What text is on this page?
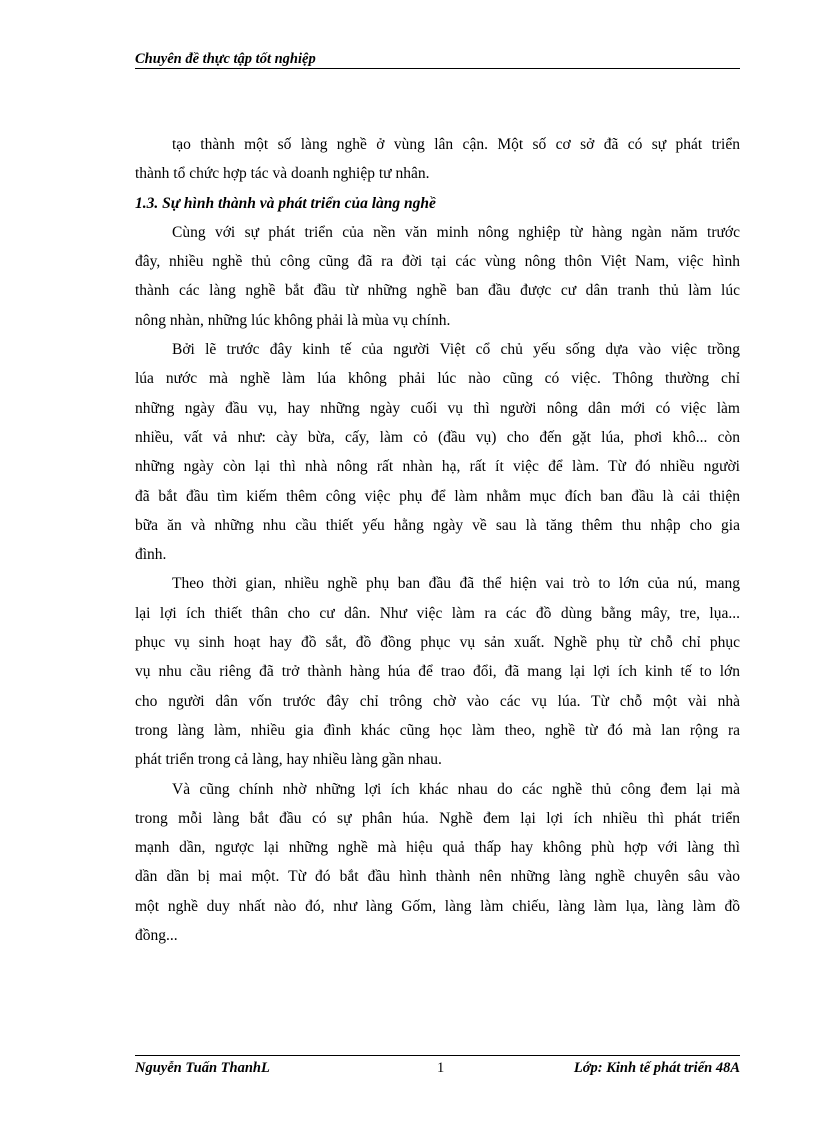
Chuyên đề thực tập tốt nghiệp
tạo thành một số làng nghề ở vùng lân cận. Một số cơ sở đã có sự phát triển
thành tổ chức hợp tác và doanh nghiệp tư nhân.
1.3. Sự hình thành và phát triển của làng nghề
Cùng với sự phát triển của nền văn minh nông nghiệp từ hàng ngàn năm trước
đây, nhiều nghề thủ công cũng đã ra đời tại các vùng nông thôn Việt Nam, việc hình
thành các làng nghề bắt đầu từ những nghề ban đầu được cư dân tranh thủ làm lúc
nông nhàn, những lúc không phải là mùa vụ chính.
Bởi lẽ trước đây kinh tế của người Việt cổ chủ yếu sống dựa vào việc trồng
lúa nước mà nghề làm lúa không phải lúc nào cũng có việc. Thông thường chỉ
những ngày đầu vụ, hay những ngày cuối vụ thì người nông dân mới có việc làm
nhiều, vất vả như: cày bừa, cấy, làm cỏ (đầu vụ) cho đến gặt lúa, phơi khô... còn
những ngày còn lại thì nhà nông rất nhàn hạ, rất ít việc để làm. Từ đó nhiều người
đã bắt đầu tìm kiếm thêm công việc phụ để làm nhằm mục đích ban đầu là cải thiện
bữa ăn và những nhu cầu thiết yếu hằng ngày về sau là tăng thêm thu nhập cho gia
đình.
Theo thời gian, nhiều nghề phụ ban đầu đã thể hiện vai trò to lớn của nú, mang
lại lợi ích thiết thân cho cư dân. Như việc làm ra các đồ dùng bằng mây, tre, lụa...
phục vụ sinh hoạt hay đồ sắt, đồ đồng phục vụ sản xuất. Nghề phụ từ chỗ chỉ phục
vụ nhu cầu riêng đã trở thành hàng húa để trao đổi, đã mang lại lợi ích kinh tế to lớn
cho người dân vốn trước đây chỉ trông chờ vào các vụ lúa. Từ chỗ một vài nhà
trong làng làm, nhiều gia đình khác cũng học làm theo, nghề từ đó mà lan rộng ra
phát triển trong cả làng, hay nhiều làng gần nhau.
Và cũng chính nhờ những lợi ích khác nhau do các nghề thủ công đem lại mà
trong mỗi làng bắt đầu có sự phân húa. Nghề đem lại lợi ích nhiều thì phát triển
mạnh dần, ngược lại những nghề mà hiệu quả thấp hay không phù hợp với làng thì
dần dần bị mai một. Từ đó bắt đầu hình thành nên những làng nghề chuyên sâu vào
một nghề duy nhất nào đó, như làng Gốm, làng làm chiếu, làng làm lụa, làng làm đồ
đồng...
Nguyễn Tuấn ThanhL	1	Lớp: Kinh tế phát triển 48A
